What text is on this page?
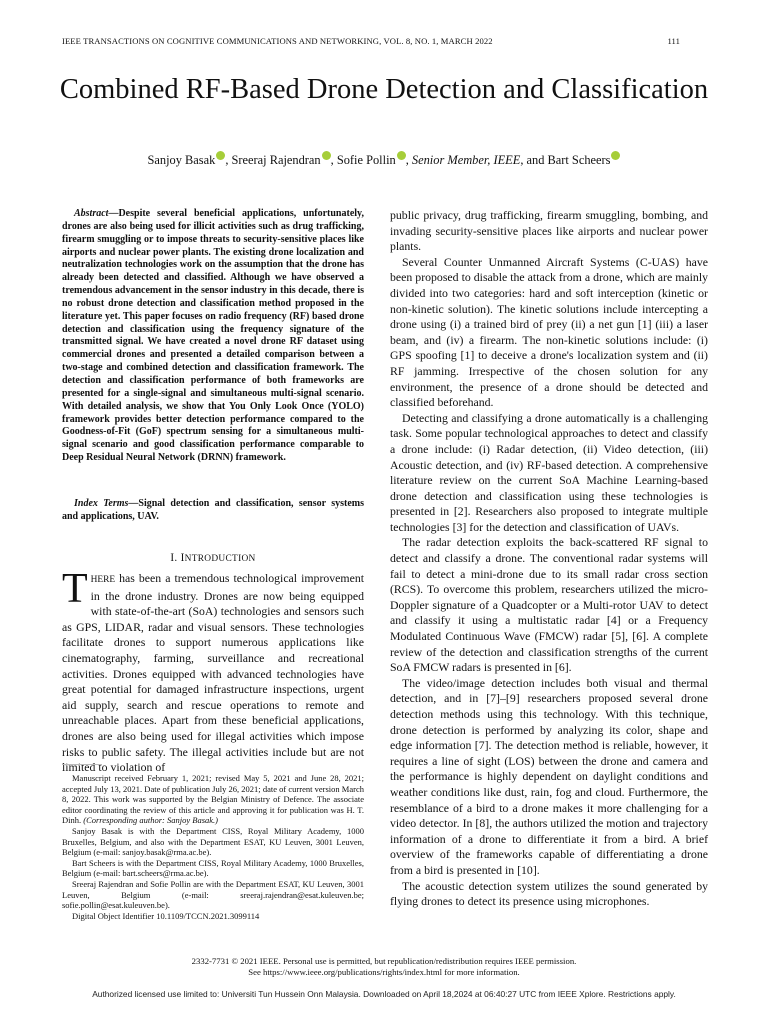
IEEE TRANSACTIONS ON COGNITIVE COMMUNICATIONS AND NETWORKING, VOL. 8, NO. 1, MARCH 2022	111
Combined RF-Based Drone Detection and Classification
Sanjoy Basak , Sreeraj Rajendran , Sofie Pollin , Senior Member, IEEE, and Bart Scheers

Abstract—Despite several beneficial applications, unfortunately, drones are also being used for illicit activities such as drug trafficking, firearm smuggling or to impose threats to security-sensitive places like airports and nuclear power plants. The existing drone localization and neutralization technologies work on the assumption that the drone has already been detected and classified. Although we have observed a tremendous advancement in the sensor industry in this decade, there is no robust drone detection and classification method proposed in the literature yet. This paper focuses on radio frequency (RF) based drone detection and classification using the frequency signature of the transmitted signal. We have created a novel drone RF dataset using commercial drones and presented a detailed comparison between a two-stage and combined detection and classification framework. The detection and classification performance of both frameworks are presented for a single-signal and simultaneous multi-signal scenario. With detailed analysis, we show that You Only Look Once (YOLO) framework provides better detection performance compared to the Goodness-of-Fit (GoF) spectrum sensing for a simultaneous multi-signal scenario and good classification performance comparable to Deep Residual Neural Network (DRNN) framework.

Index Terms—Signal detection and classification, sensor systems and applications, UAV.

I. INTRODUCTION

THERE has been a tremendous technological improvement in the drone industry. Drones are now being equipped with state-of-the-art (SoA) technologies and sensors such as GPS, LIDAR, radar and visual sensors. These technologies facilitate drones to support numerous applications like cinematography, farming, surveillance and recreational activities. Drones equipped with advanced technologies have great potential for damaged infrastructure inspections, urgent aid supply, search and rescue operations to remote and unreachable places. Apart from these beneficial applications, drones are also being used for illegal activities which impose risks to public safety. The illegal activities include but are not limited to violation of

Manuscript received February 1, 2021; revised May 5, 2021 and June 28, 2021; accepted July 13, 2021. Date of publication July 26, 2021; date of current version March 8, 2022. This work was supported by the Belgian Ministry of Defence. The associate editor coordinating the review of this article and approving it for publication was H. T. Dinh. (Corresponding author: Sanjoy Basak.)

Sanjoy Basak is with the Department CISS, Royal Military Academy, 1000 Bruxelles, Belgium, and also with the Department ESAT, KU Leuven, 3001 Leuven, Belgium (e-mail: sanjoy.basak@rma.ac.be).

Bart Scheers is with the Department CISS, Royal Military Academy, 1000 Bruxelles, Belgium (e-mail: bart.scheers@rma.ac.be).

Sreeraj Rajendran and Sofie Pollin are with the Department ESAT, KU Leuven, 3001 Leuven, Belgium (e-mail: sreeraj.rajendran@esat.kuleuven.be; sofie.pollin@esat.kuleuven.be).

Digital Object Identifier 10.1109/TCCN.2021.3099114

public privacy, drug trafficking, firearm smuggling, bombing, and invading security-sensitive places like airports and nuclear power plants.

Several Counter Unmanned Aircraft Systems (C-UAS) have been proposed to disable the attack from a drone, which are mainly divided into two categories: hard and soft interception (kinetic or non-kinetic solution). The kinetic solutions include intercepting a drone using (i) a trained bird of prey (ii) a net gun [1] (iii) a laser beam, and (iv) a firearm. The non-kinetic solutions include: (i) GPS spoofing [1] to deceive a drone's localization system and (ii) RF jamming. Irrespective of the chosen solution for any environment, the presence of a drone should be detected and classified beforehand.

Detecting and classifying a drone automatically is a challenging task. Some popular technological approaches to detect and classify a drone include: (i) Radar detection, (ii) Video detection, (iii) Acoustic detection, and (iv) RF-based detection. A comprehensive literature review on the current SoA Machine Learning-based drone detection and classification using these technologies is presented in [2]. Researchers also proposed to integrate multiple technologies [3] for the detection and classification of UAVs.

The radar detection exploits the back-scattered RF signal to detect and classify a drone. The conventional radar systems will fail to detect a mini-drone due to its small radar cross section (RCS). To overcome this problem, researchers utilized the micro-Doppler signature of a Quadcopter or a Multi-rotor UAV to detect and classify it using a multistatic radar [4] or a Frequency Modulated Continuous Wave (FMCW) radar [5], [6]. A complete review of the detection and classification strengths of the current SoA FMCW radars is presented in [6].

The video/image detection includes both visual and thermal detection, and in [7]–[9] researchers proposed several drone detection methods using this technology. With this technique, drone detection is performed by analyzing its color, shape and edge information [7]. The detection method is reliable, however, it requires a line of sight (LOS) between the drone and camera and the performance is highly dependent on daylight conditions and weather conditions like dust, rain, fog and cloud. Furthermore, the resemblance of a bird to a drone makes it more challenging for a video detector. In [8], the authors utilized the motion and trajectory information of a drone to differentiate it from a bird. A brief overview of the frameworks capable of differentiating a drone from a bird is presented in [10].

The acoustic detection system utilizes the sound generated by flying drones to detect its presence using microphones.

2332-7731 © 2021 IEEE. Personal use is permitted, but republication/redistribution requires IEEE permission.
See https://www.ieee.org/publications/rights/index.html for more information.
Authorized licensed use limited to: Universiti Tun Hussein Onn Malaysia. Downloaded on April 18,2024 at 06:40:27 UTC from IEEE Xplore. Restrictions apply.
